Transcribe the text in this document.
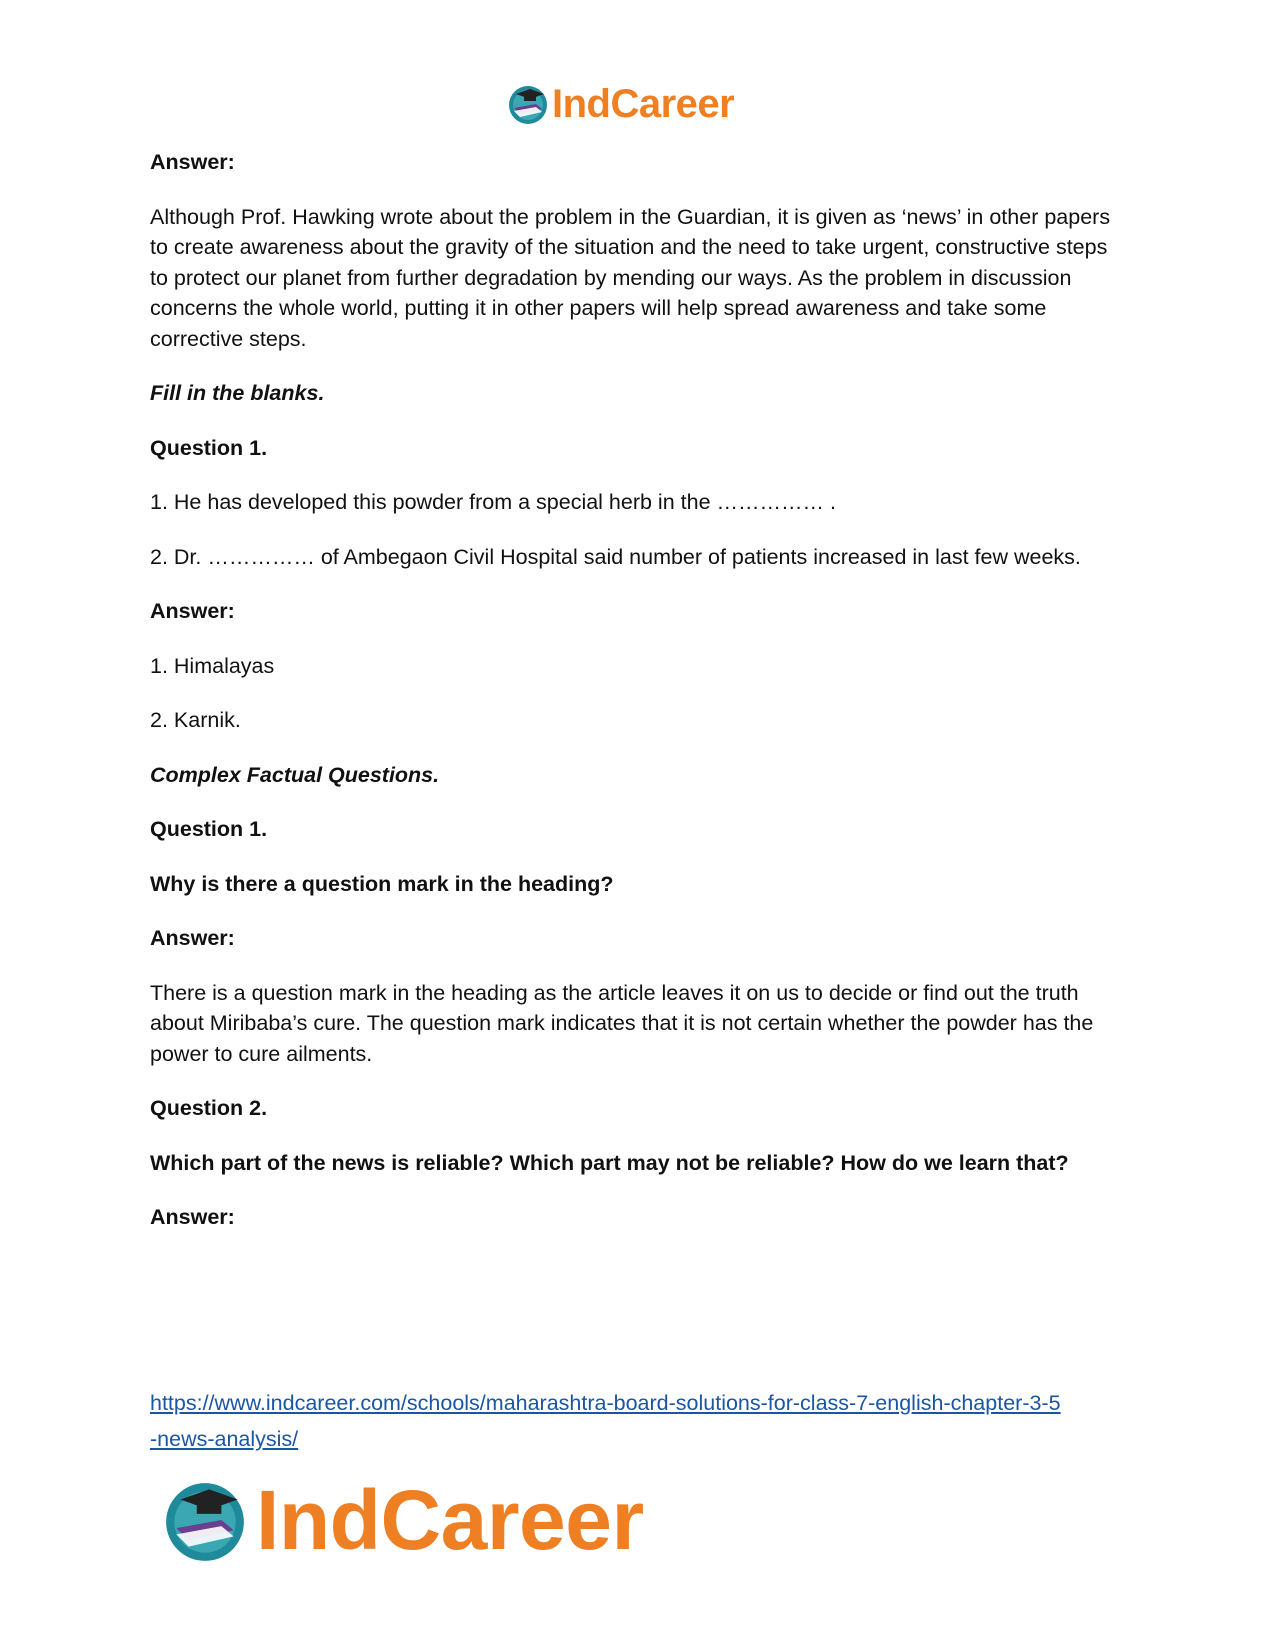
IndCareer

Answer:

Although Prof. Hawking wrote about the problem in the Guardian, it is given as ‘news’ in other papers to create awareness about the gravity of the situation and the need to take urgent, constructive steps to protect our planet from further degradation by mending our ways. As the problem in discussion concerns the whole world, putting it in other papers will help spread awareness and take some corrective steps.

Fill in the blanks.

Question 1.

1. He has developed this powder from a special herb in the …………… .

2. Dr. …………… of Ambegaon Civil Hospital said number of patients increased in last few weeks.

Answer:

1. Himalayas

2. Karnik.

Complex Factual Questions.

Question 1.

Why is there a question mark in the heading?

Answer:

There is a question mark in the heading as the article leaves it on us to decide or find out the truth about Miribaba’s cure. The question mark indicates that it is not certain whether the powder has the power to cure ailments.

Question 2.

Which part of the news is reliable? Which part may not be reliable? How do we learn that?

Answer:

https://www.indcareer.com/schools/maharashtra-board-solutions-for-class-7-english-chapter-3-5
-news-analysis/
IndCareer
